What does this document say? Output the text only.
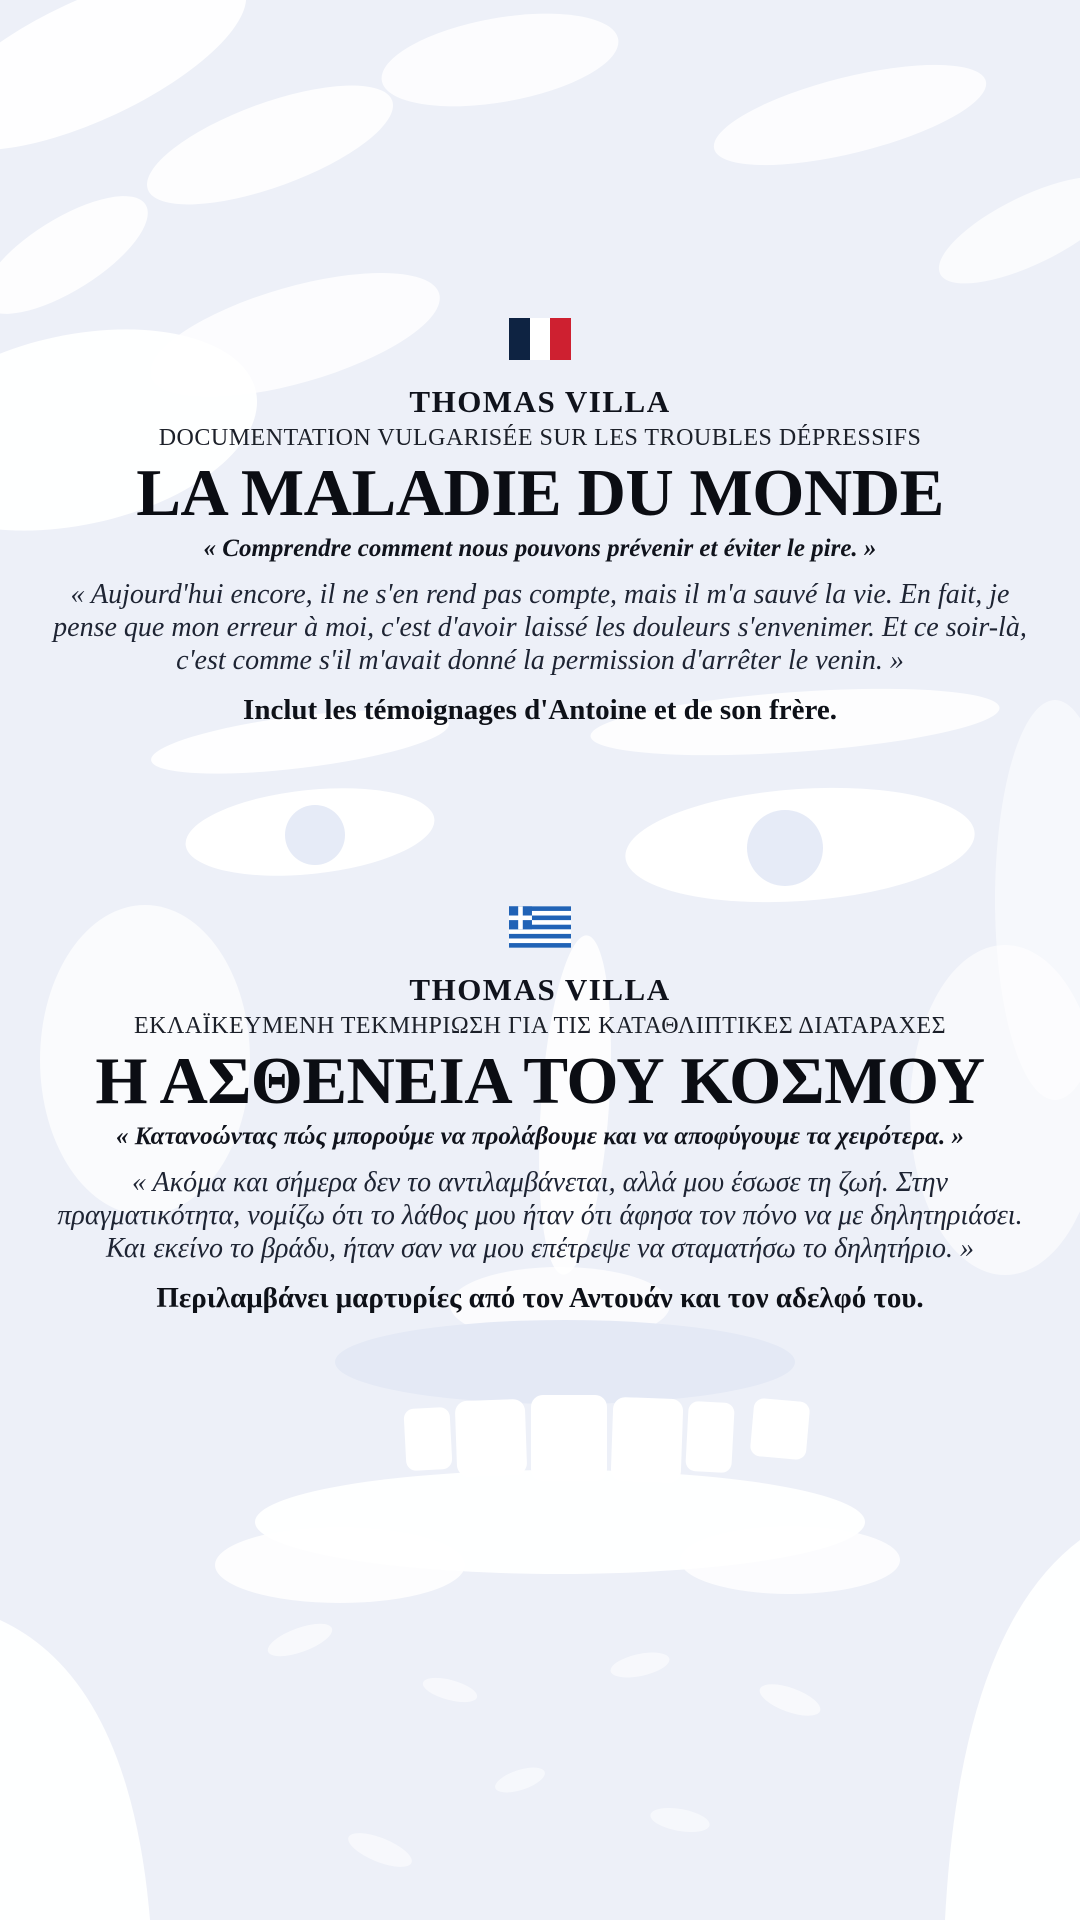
THOMAS VILLA
DOCUMENTATION VULGARISÉE SUR LES TROUBLES DÉPRESSIFS
LA MALADIE DU MONDE
« Comprendre comment nous pouvons prévenir et éviter le pire. »
« Aujourd'hui encore, il ne s'en rend pas compte, mais il m'a sauvé la vie. En fait, je
pense que mon erreur à moi, c'est d'avoir laissé les douleurs s'envenimer. Et ce soir-là,
c'est comme s'il m'avait donné la permission d'arrêter le venin. »
Inclut les témoignages d'Antoine et de son frère.
THOMAS VILLA
ΕΚΛΑΪΚΕΥΜΕΝΗ ΤΕΚΜΗΡΙΩΣΗ ΓΙΑ ΤΙΣ ΚΑΤΑΘΛΙΠΤΙΚΕΣ ΔΙΑΤΑΡΑΧΕΣ
Η ΑΣΘΕΝΕΙΑ ΤΟΥ ΚΟΣΜΟΥ
« Κατανοώντας πώς μπορούμε να προλάβουμε και να αποφύγουμε τα χειρότερα. »
« Ακόμα και σήμερα δεν το αντιλαμβάνεται, αλλά μου έσωσε τη ζωή. Στην
πραγματικότητα, νομίζω ότι το λάθος μου ήταν ότι άφησα τον πόνο να με δηλητηριάσει.
Και εκείνο το βράδυ, ήταν σαν να μου επέτρεψε να σταματήσω το δηλητήριο. »
Περιλαμβάνει μαρτυρίες από τον Αντουάν και τον αδελφό του.
